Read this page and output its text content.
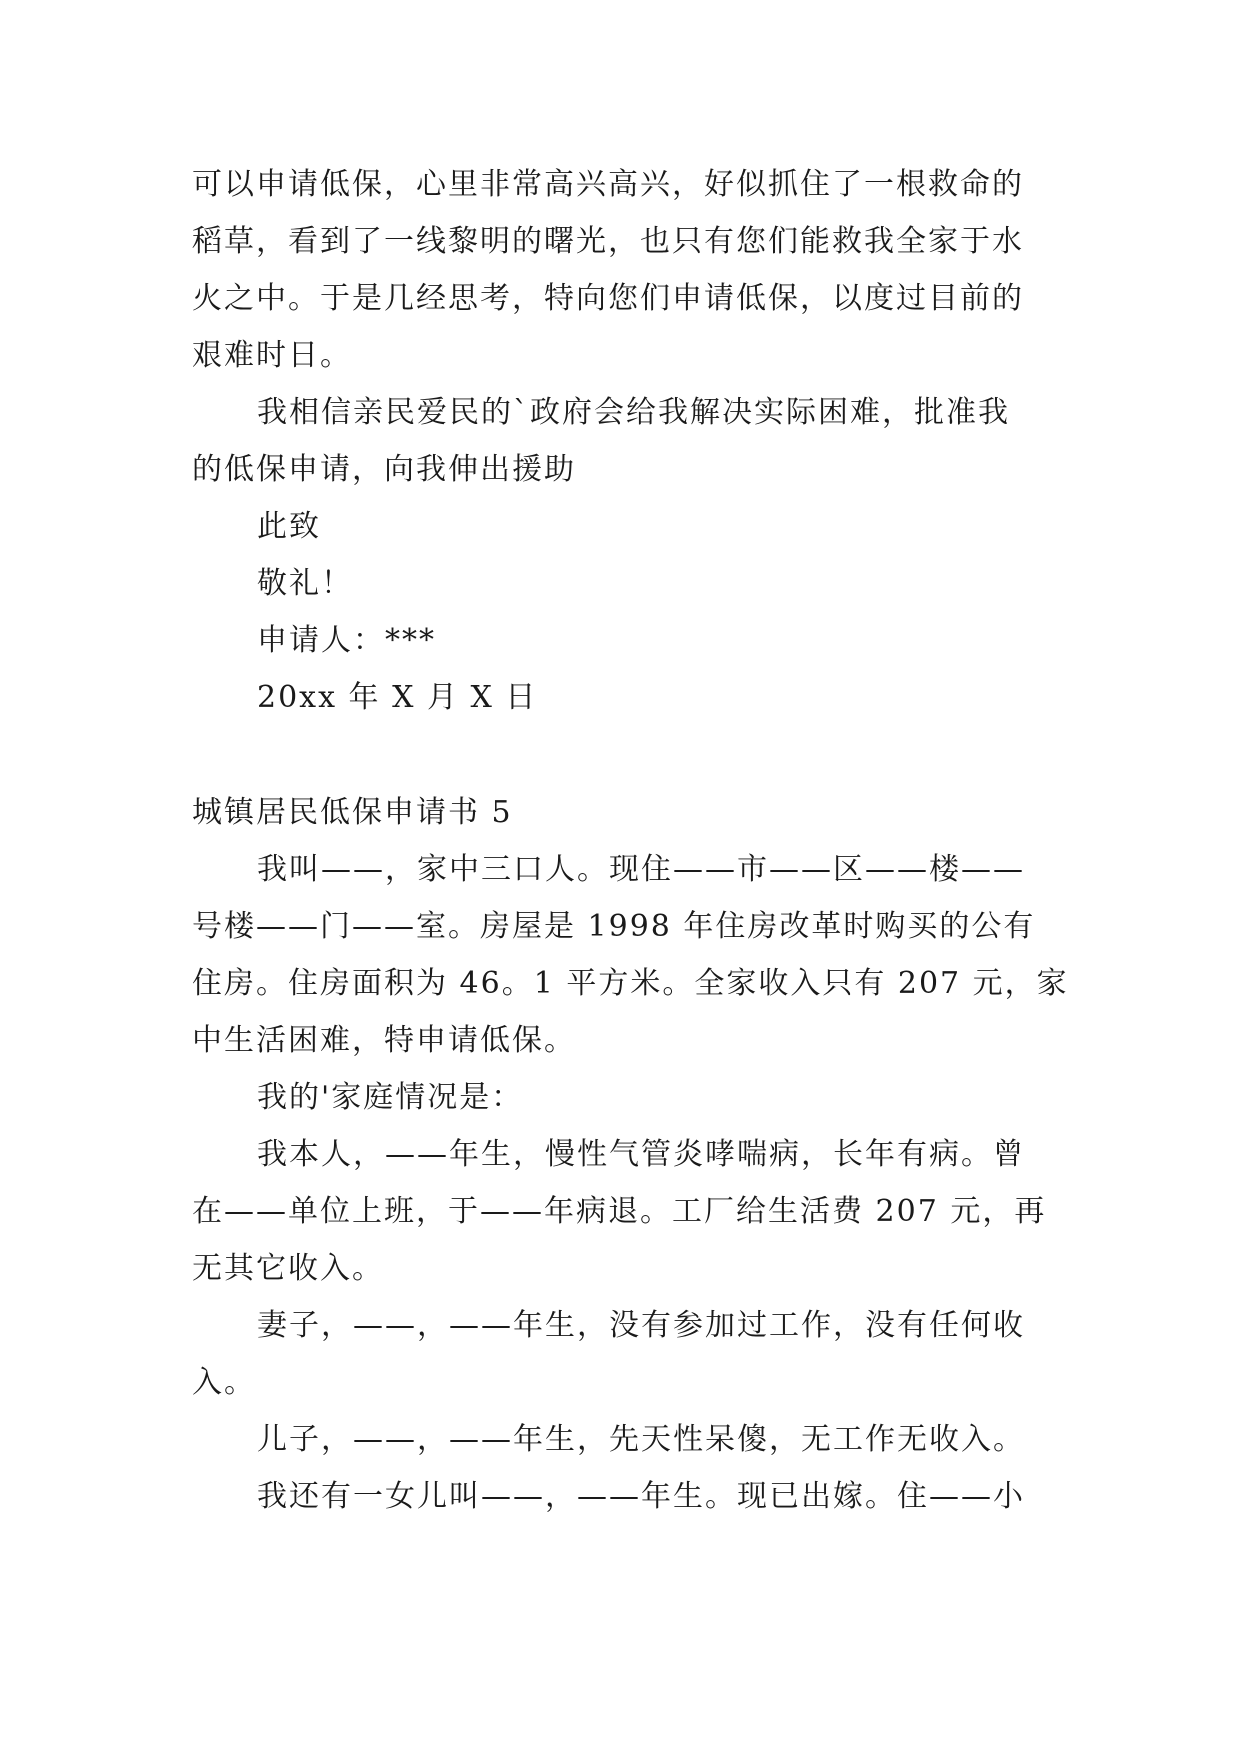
可以申请低保，心里非常高兴高兴，好似抓住了一根救命的
稻草，看到了一线黎明的曙光，也只有您们能救我全家于水
火之中。于是几经思考，特向您们申请低保，以度过目前的
艰难时日。
我相信亲民爱民的`政府会给我解决实际困难，批准我
的低保申请，向我伸出援助
此致
敬礼！
申请人：***
20xx 年 X 月 X 日
城镇居民低保申请书 5
我叫——，家中三口人。现住——市——区——楼——
号楼——门——室。房屋是 1998 年住房改革时购买的公有
住房。住房面积为 46。1 平方米。全家收入只有 207 元，家
中生活困难，特申请低保。
我的'家庭情况是：
我本人，——年生，慢性气管炎哮喘病，长年有病。曾
在——单位上班，于——年病退。工厂给生活费 207 元，再
无其它收入。
妻子，——，——年生，没有参加过工作，没有任何收
入。
儿子，——，——年生，先天性呆傻，无工作无收入。
我还有一女儿叫——，——年生。现已出嫁。住——小
